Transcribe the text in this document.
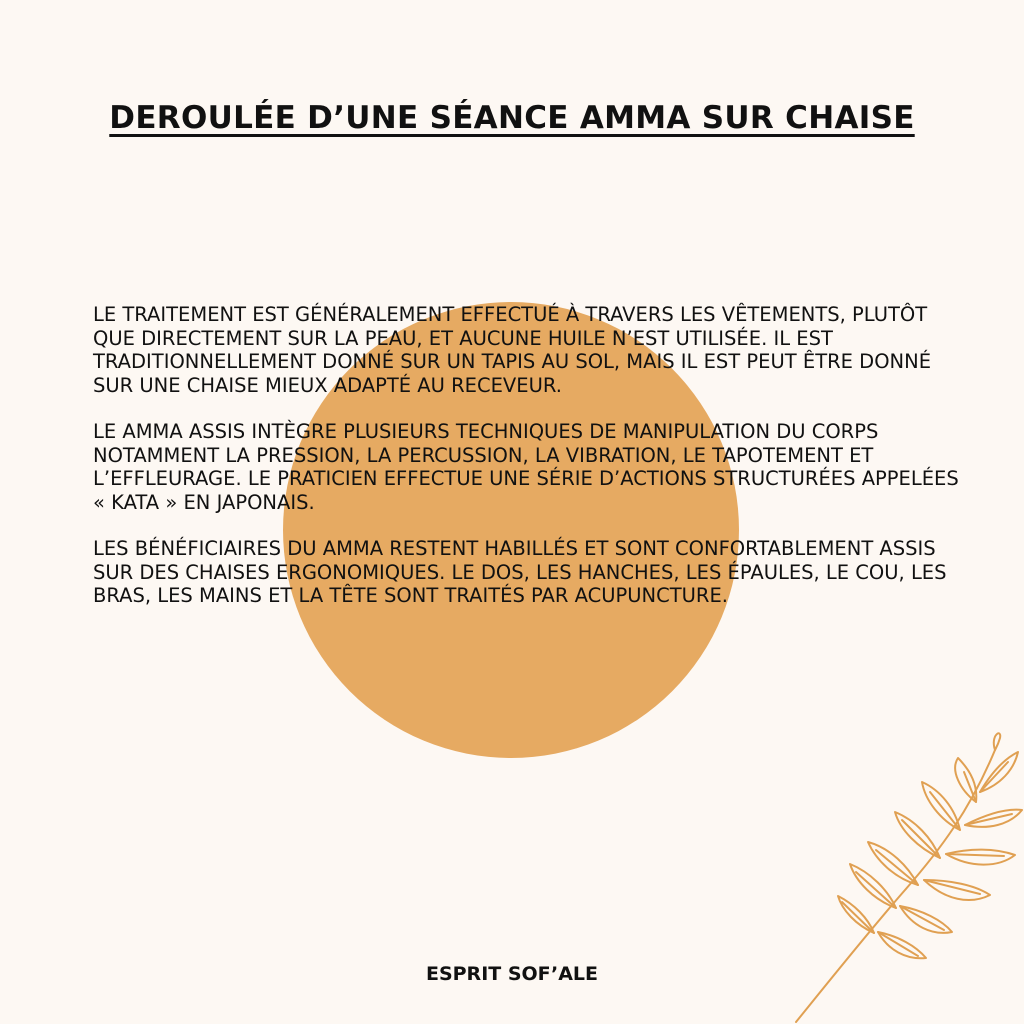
DEROULÉE D’UNE SÉANCE AMMA SUR CHAISE

LE TRAITEMENT EST GÉNÉRALEMENT EFFECTUÉ À TRAVERS LES VÊTEMENTS, PLUTÔT QUE DIRECTEMENT SUR LA PEAU, ET AUCUNE HUILE N’EST UTILISÉE. IL EST TRADITIONNELLEMENT DONNÉ SUR UN TAPIS AU SOL, MAIS IL EST PEUT ÊTRE DONNÉ SUR UNE CHAISE MIEUX ADAPTÉ AU RECEVEUR.

LE AMMA ASSIS INTÈGRE PLUSIEURS TECHNIQUES DE MANIPULATION DU CORPS NOTAMMENT LA PRESSION, LA PERCUSSION, LA VIBRATION, LE TAPOTEMENT ET L’EFFLEURAGE. LE PRATICIEN EFFECTUE UNE SÉRIE D’ACTIONS STRUCTURÉES APPELÉES « KATA » EN JAPONAIS.

LES BÉNÉFICIAIRES DU AMMA RESTENT HABILLÉS ET SONT CONFORTABLEMENT ASSIS SUR DES CHAISES ERGONOMIQUES. LE DOS, LES HANCHES, LES ÉPAULES, LE COU, LES BRAS, LES MAINS ET LA TÊTE SONT TRAITÉS PAR ACUPUNCTURE.

ESPRIT SOF’ALE
